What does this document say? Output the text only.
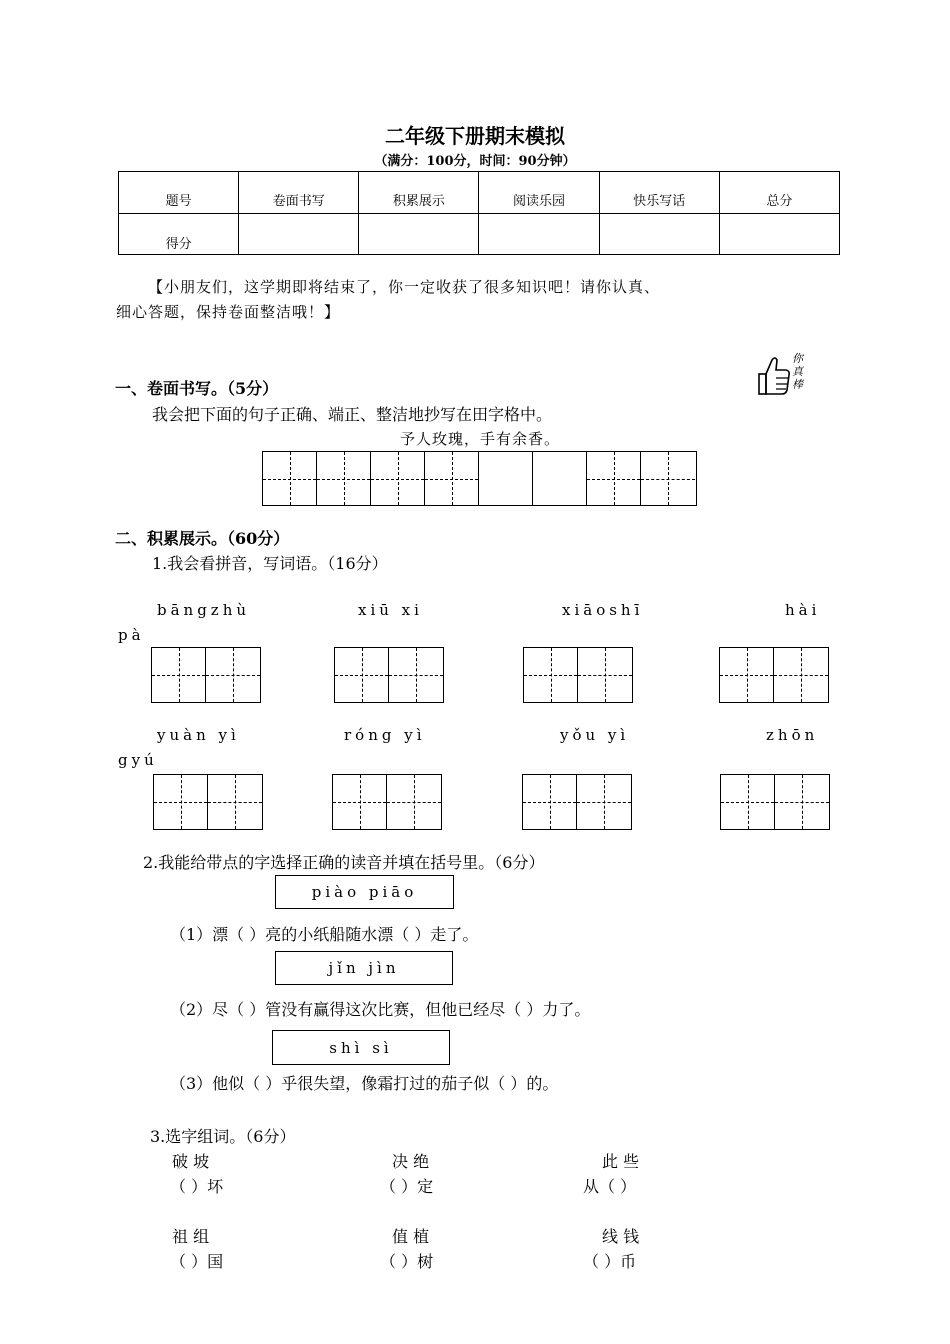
二年级下册期末模拟
（满分：100分，时间：90分钟）
题号	卷面书写	积累展示	阅读乐园	快乐写话	总分
得分					
【小朋友们，这学期即将结束了，你一定收获了很多知识吧！请你认真、
细心答题，保持卷面整洁哦！】
你真棒
一、卷面书写。（5分）
我会把下面的句子正确、端正、整洁地抄写在田字格中。
予人玫瑰，手有余香。
二、积累展示。（60分）
1.我会看拼音，写词语。（16分）
bāngzhù	xiū xi	xiāoshī	hài
pà
yuàn yì	róng yì	yǒu yì	zhōn
gyú
2.我能给带点的字选择正确的读音并填在括号里。（6分）
piào piāo
（1）漂（ ）亮的小纸船随水漂（ ）走了。
jǐn jìn
（2）尽（ ）管没有赢得这次比赛，但他已经尽（ ）力了。
shì sì
（3）他似（ ）乎很失望，像霜打过的茄子似（ ）的。
3.选字组词。（6分）
破 坡
（ ）坏
决 绝
（ ）定
此 些
从（ ）
祖 组
（ ）国
值 植
（ ）树
线 钱
（ ）币
